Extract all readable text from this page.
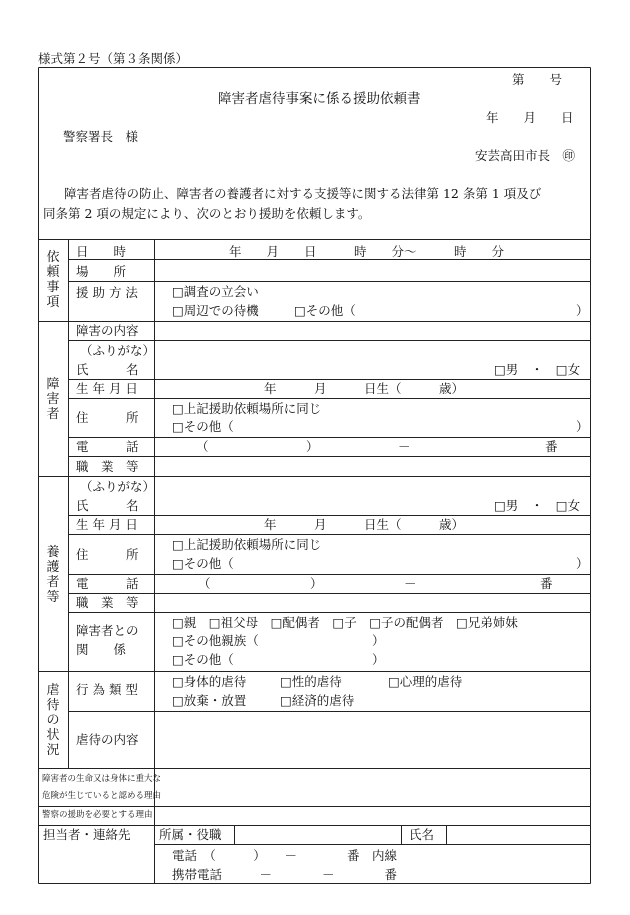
様式第２号（第３条関係）
第　　号
障害者虐待事案に係る援助依頼書
年　　月　　日
警察署長　様
安芸高田市長　㊞
障害者虐待の防止、障害者の養護者に対する支援等に関する法律第 12 条第 1 項及び
同条第 2 項の規定により、次のとおり援助を依頼します。
依頼事項
日　　時	年　　月　　日　　　時　　分～　　　時　　分
場　　所
援 助 方 法	□調査の立会い
□周辺での待機	□その他（	）
障害者
障害の内容
（ふりがな）
氏　　　名	□男　・　□女
生 年 月 日	年　　　月　　　日生（　　　歳）
住　　　所
□上記援助依頼場所に同じ
□その他（	）
電　　　話	（	）	－	番
職　業　等
養護者等
（ふりがな）
氏　　　名	□男　・　□女
生 年 月 日	年　　　月　　　日生（　　　歳）
住　　　所
□上記援助依頼場所に同じ
□その他（	）
電　　　話	（	）	－	番
職　業　等
障害者との
関　　係
□親　□祖父母　□配偶者　□子　□子の配偶者　□兄弟姉妹
□その他親族（	）
□その他（	）
虐待の状況
行 為 類 型
□身体的虐待	□性的虐待	□心理的虐待
□放棄・放置	□経済的虐待
虐待の内容
障害者の生命又は身体に重大な
危険が生じていると認める理由
警察の援助を必要とする理由
担当者・連絡先 所属・役職	氏名
電話　（　　　）　　－　　　　番　内線
携帯電話　　　－　　　　－　　　　番
